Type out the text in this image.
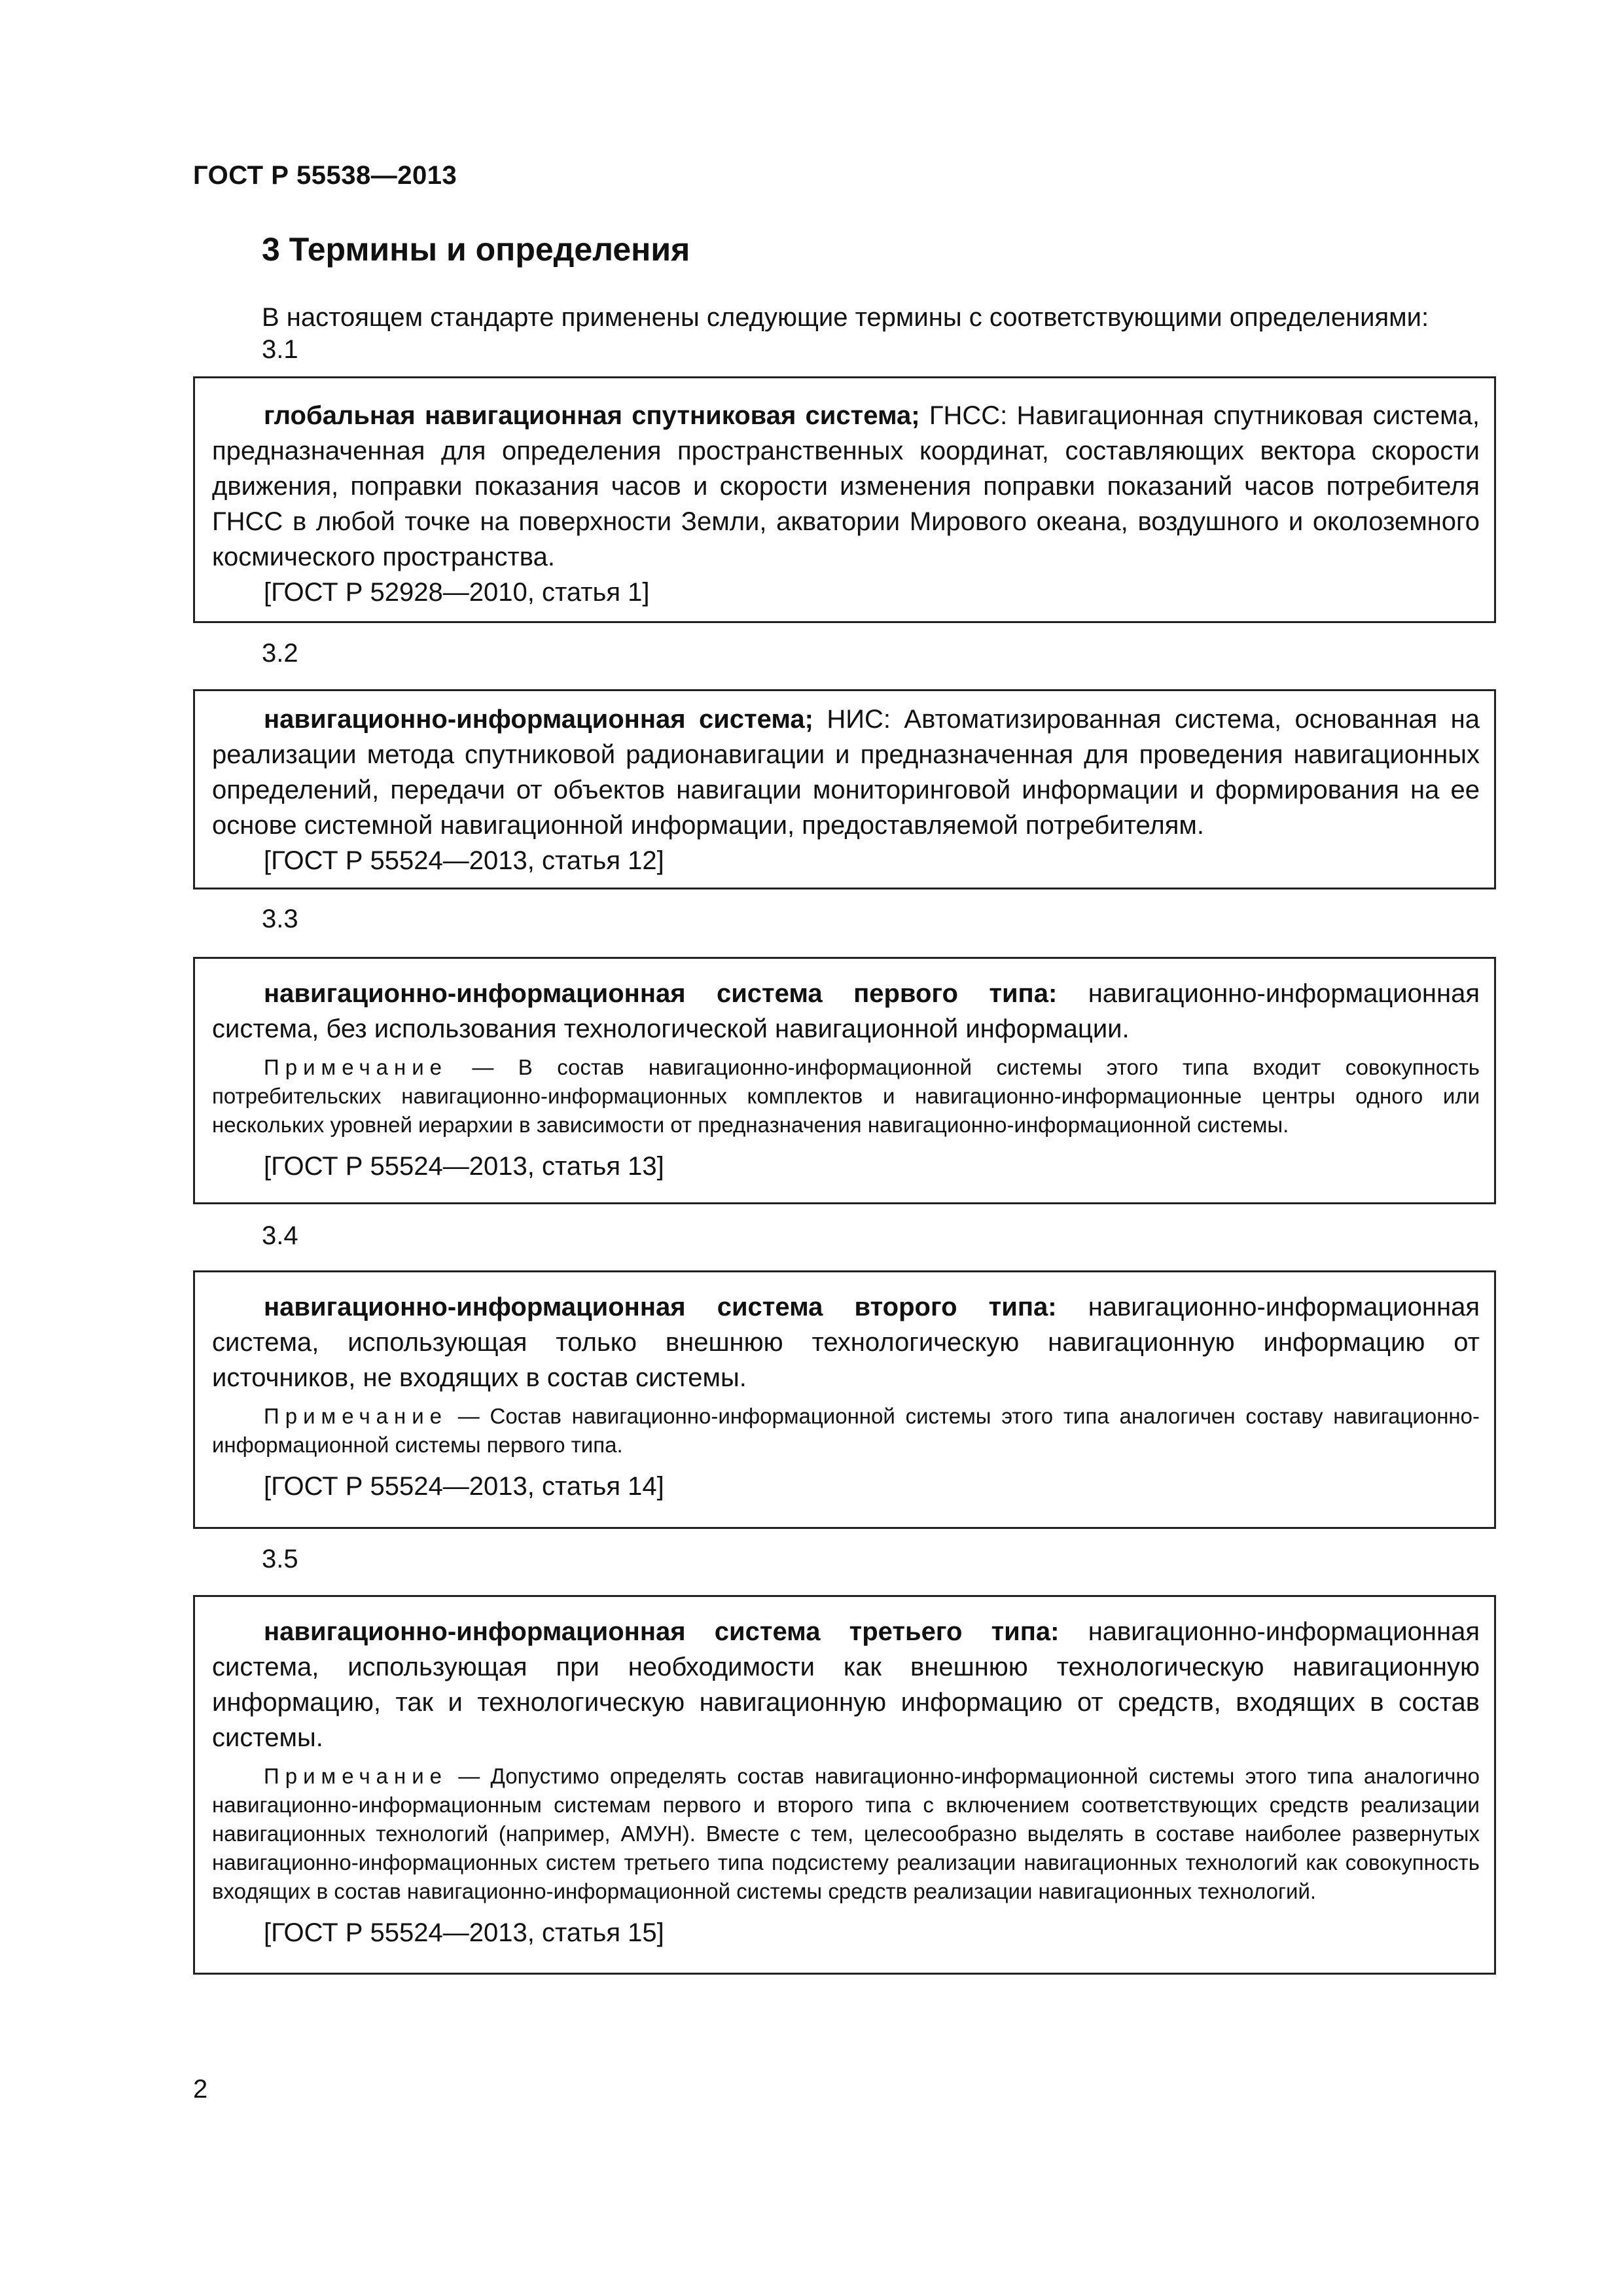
ГОСТ Р 55538—2013
3 Термины и определения
В настоящем стандарте применены следующие термины с соответствующими определениями:
3.1

глобальная навигационная спутниковая система; ГНСС: Навигационная спутниковая система, предназначенная для определения пространственных координат, составляющих вектора скорости движения, поправки показания часов и скорости изменения поправки показаний часов потребителя ГНСС в любой точке на поверхности Земли, акватории Мирового океана, воздушного и околоземного космического пространства.

[ГОСТ Р 52928—2010, статья 1]

3.2

навигационно-информационная система; НИС: Автоматизированная система, основанная на реализации метода спутниковой радионавигации и предназначенная для проведения навигационных определений, передачи от объектов навигации мониторинговой информации и формирования на ее основе системной навигационной информации, предоставляемой потребителям.

[ГОСТ Р 55524—2013, статья 12]

3.3

навигационно-информационная система первого типа: навигационно-информационная система, без использования технологической навигационной информации.

Примечание — В состав навигационно-информационной системы этого типа входит совокупность потребительских навигационно-информационных комплектов и навигационно-информационные центры одного или нескольких уровней иерархии в зависимости от предназначения навигационно-информационной системы.

[ГОСТ Р 55524—2013, статья 13]

3.4

навигационно-информационная система второго типа: навигационно-информационная система, использующая только внешнюю технологическую навигационную информацию от источников, не входящих в состав системы.

Примечание — Состав навигационно-информационной системы этого типа аналогичен составу навигационно-информационной системы первого типа.

[ГОСТ Р 55524—2013, статья 14]

3.5

навигационно-информационная система третьего типа: навигационно-информационная система, использующая при необходимости как внешнюю технологическую навигационную информацию, так и технологическую навигационную информацию от средств, входящих в состав системы.

Примечание — Допустимо определять состав навигационно-информационной системы этого типа аналогично навигационно-информационным системам первого и второго типа с включением соответствующих средств реализации навигационных технологий (например, АМУН). Вместе с тем, целесообразно выделять в составе наиболее развернутых навигационно-информационных систем третьего типа подсистему реализации навигационных технологий как совокупность входящих в состав навигационно-информационной системы средств реализации навигационных технологий.

[ГОСТ Р 55524—2013, статья 15]

2
